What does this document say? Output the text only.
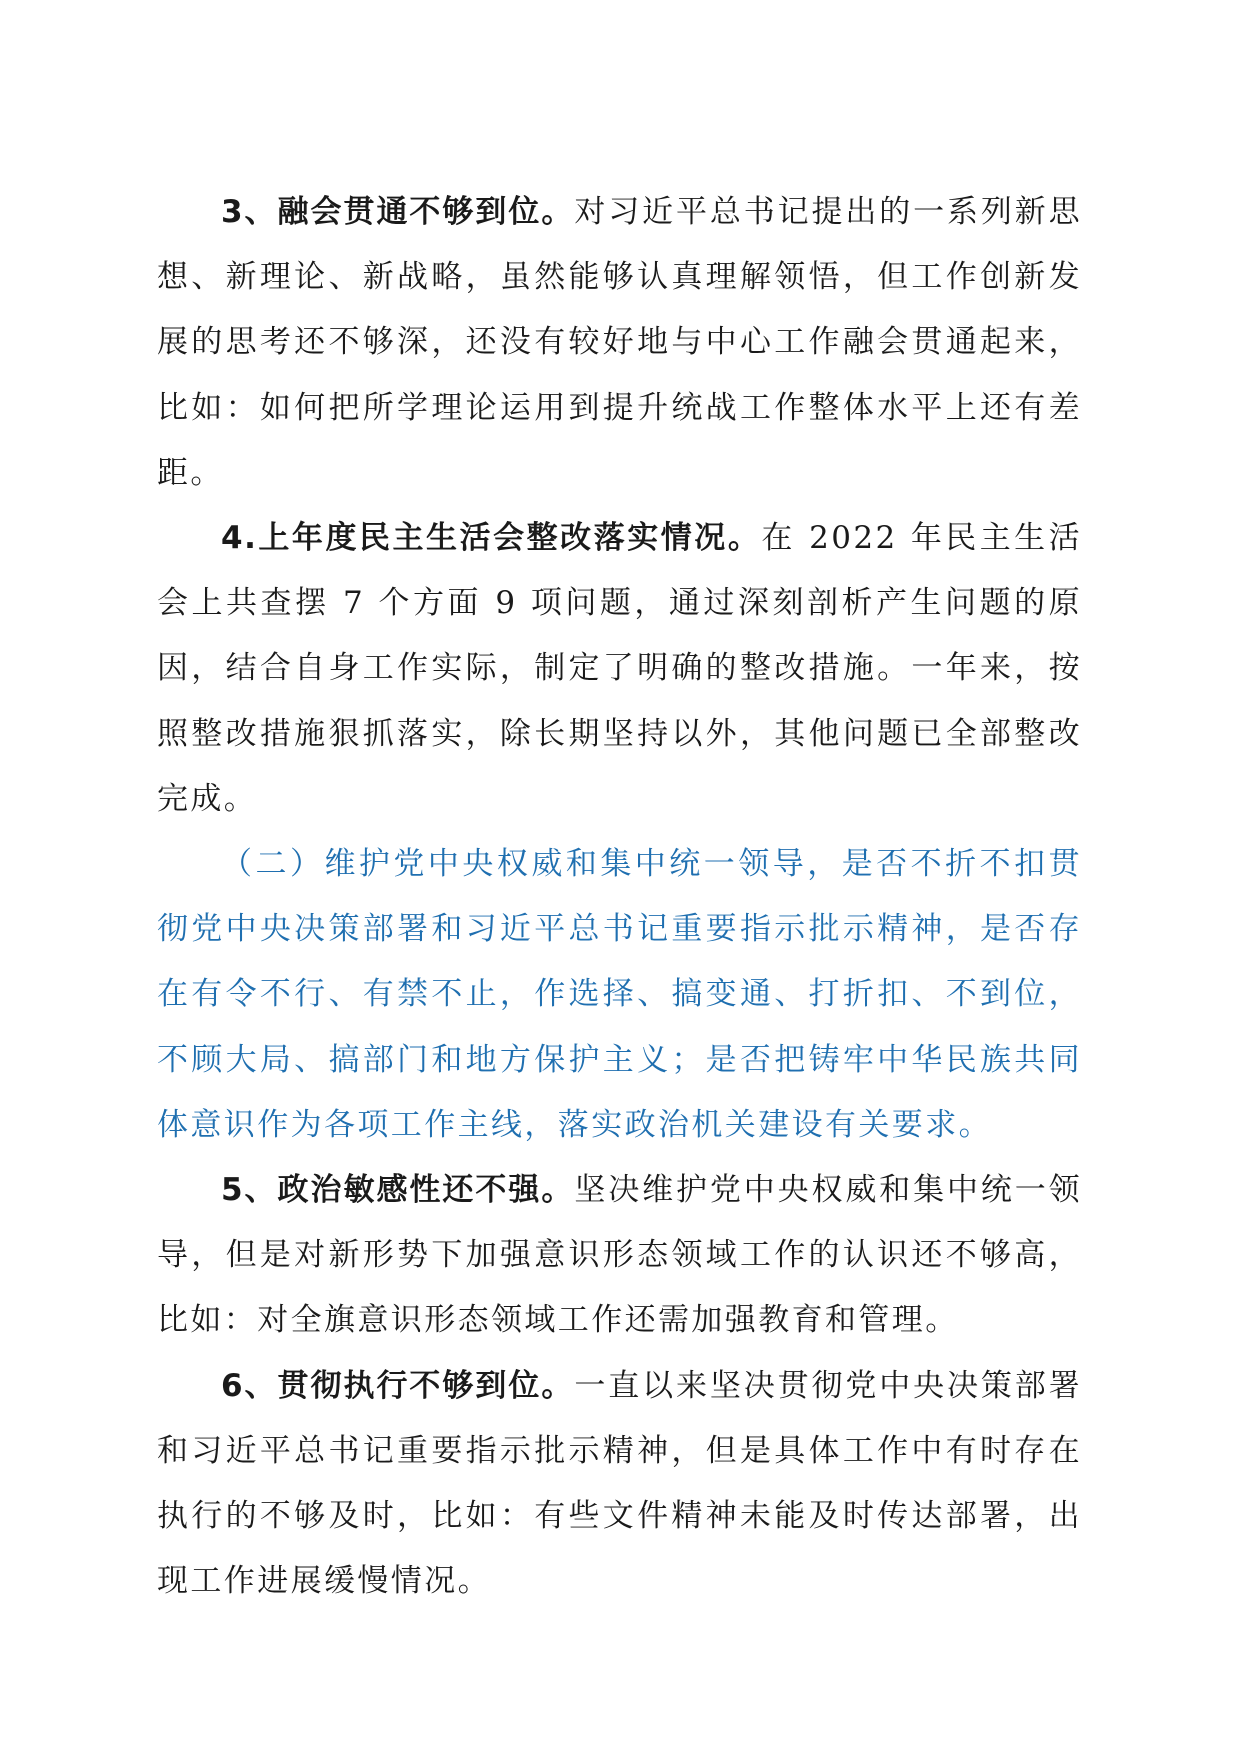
3、融会贯通不够到位。对习近平总书记提出的一系列新思想、新理论、新战略，虽然能够认真理解领悟，但工作创新发展的思考还不够深，还没有较好地与中心工作融会贯通起来，比如：如何把所学理论运用到提升统战工作整体水平上还有差距。

4.上年度民主生活会整改落实情况。在 2022 年民主生活会上共查摆 7 个方面 9 项问题，通过深刻剖析产生问题的原因，结合自身工作实际，制定了明确的整改措施。一年来，按照整改措施狠抓落实，除长期坚持以外，其他问题已全部整改完成。

（二）维护党中央权威和集中统一领导，是否不折不扣贯彻党中央决策部署和习近平总书记重要指示批示精神，是否存在有令不行、有禁不止，作选择、搞变通、打折扣、不到位，不顾大局、搞部门和地方保护主义；是否把铸牢中华民族共同体意识作为各项工作主线，落实政治机关建设有关要求。

5、政治敏感性还不强。坚决维护党中央权威和集中统一领导，但是对新形势下加强意识形态领域工作的认识还不够高，比如：对全旗意识形态领域工作还需加强教育和管理。

6、贯彻执行不够到位。一直以来坚决贯彻党中央决策部署和习近平总书记重要指示批示精神，但是具体工作中有时存在执行的不够及时，比如：有些文件精神未能及时传达部署，出现工作进展缓慢情况。
